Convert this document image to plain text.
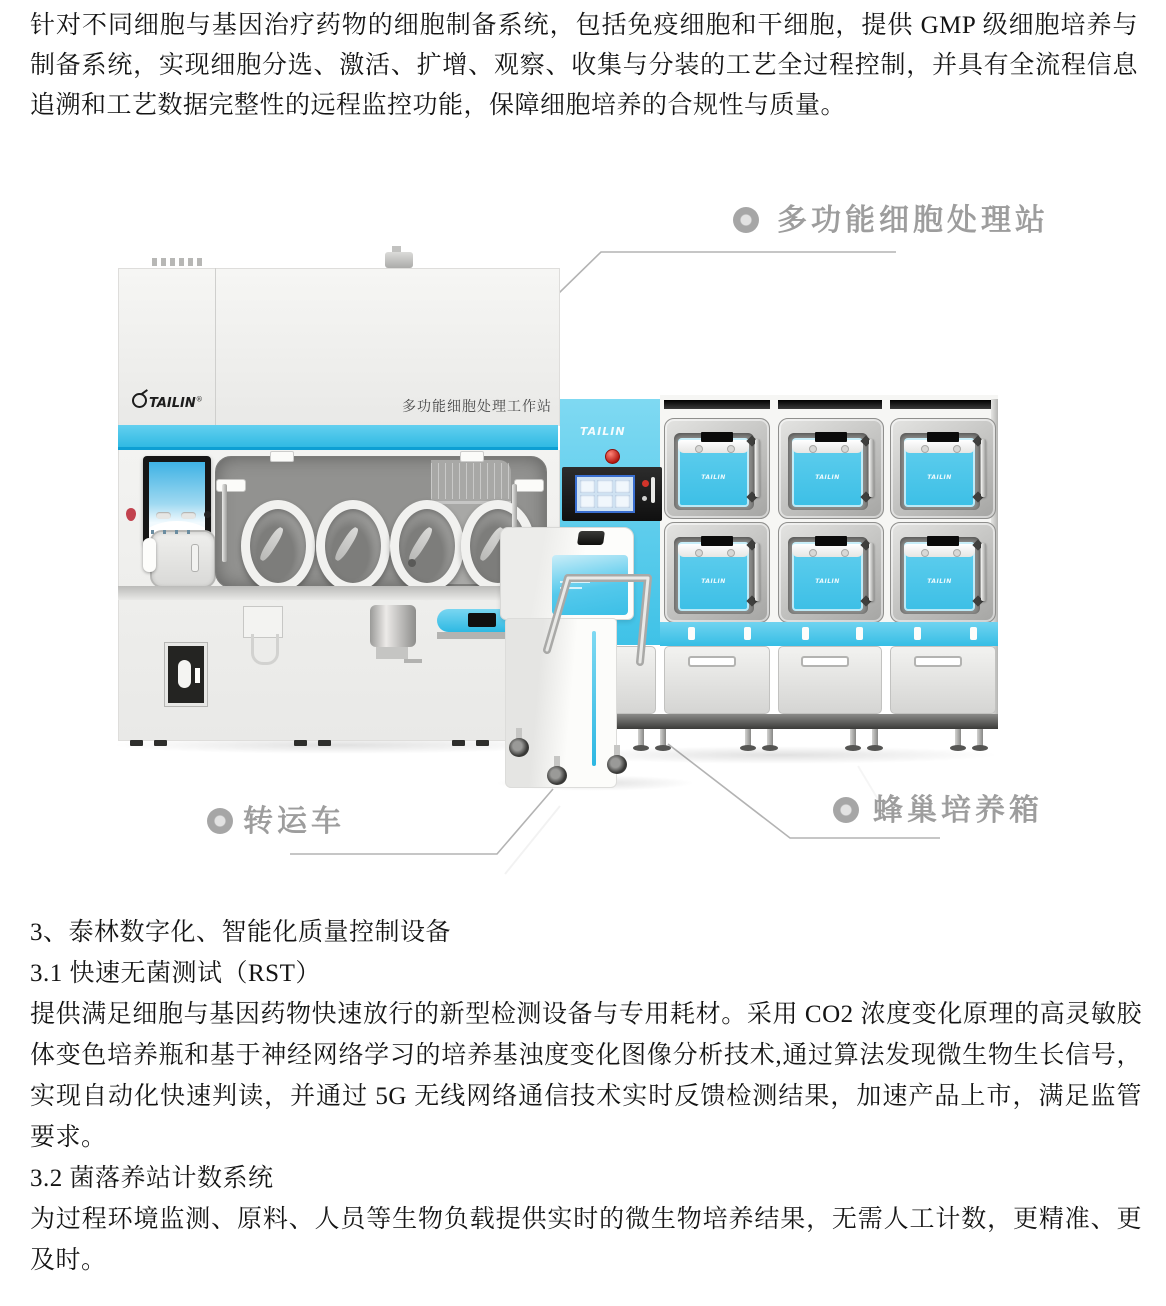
针对不同细胞与基因治疗药物的细胞制备系统，包括免疫细胞和干细胞，提供 GMP 级细胞培养与制备系统，实现细胞分选、激活、扩增、观察、收集与分装的工艺全过程控制，并具有全流程信息追溯和工艺数据完整性的远程监控功能，保障细胞培养的合规性与质量。
TAILIN®	多功能细胞处理工作站
TAILIN
TAILIN	TAILIN	TAILIN
TAILIN	TAILIN	TAILIN
多功能细胞处理站
转运车	蜂巢培养箱

3、泰林数字化、智能化质量控制设备

3.1 快速无菌测试（RST）

提供满足细胞与基因药物快速放行的新型检测设备与专用耗材。采用 CO2 浓度变化原理的高灵敏胶体变色培养瓶和基于神经网络学习的培养基浊度变化图像分析技术,通过算法发现微生物生长信号，实现自动化快速判读，并通过 5G 无线网络通信技术实时反馈检测结果，加速产品上市，满足监管要求。

3.2 菌落养站计数系统

为过程环境监测、原料、人员等生物负载提供实时的微生物培养结果，无需人工计数，更精准、更及时。
